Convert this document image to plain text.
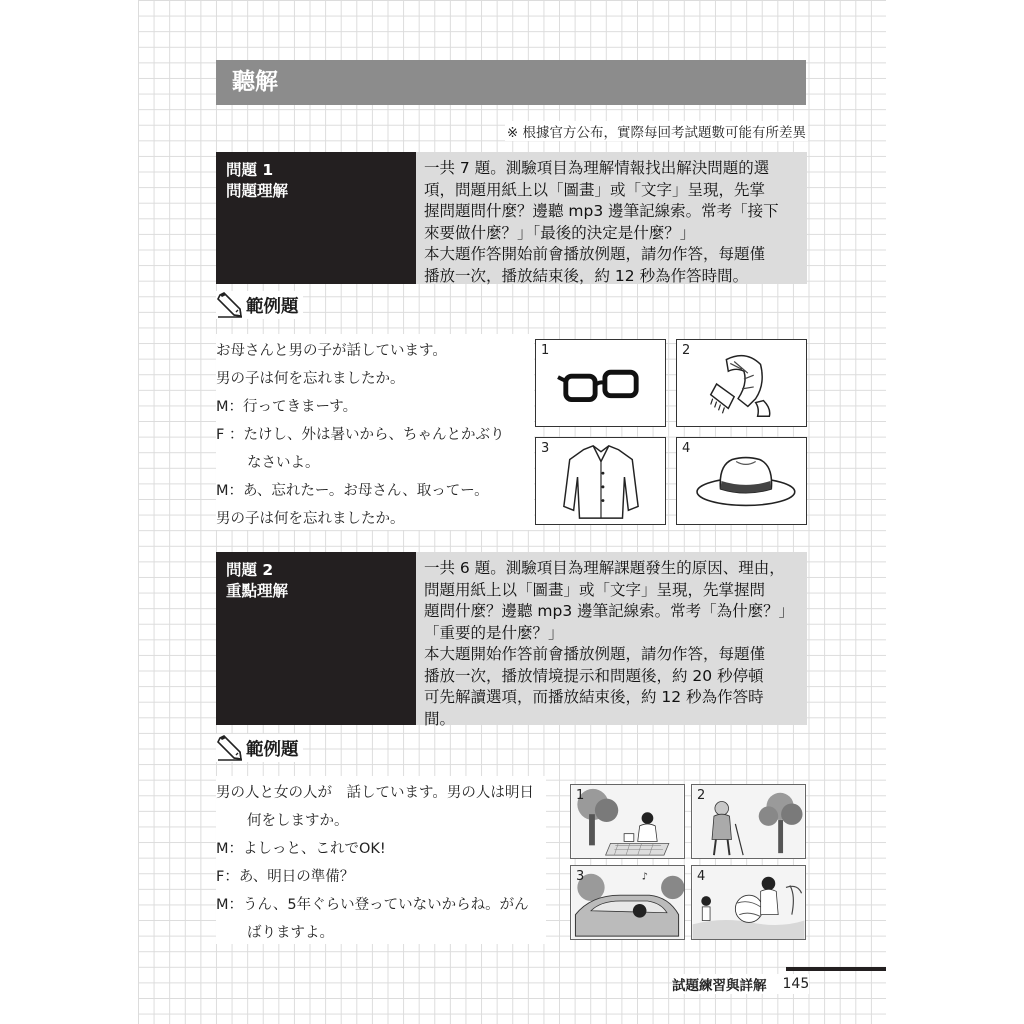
聽解
※ 根據官方公布，實際每回考試題數可能有所差異
問題 1
問題理解
一共 7 題。測驗項目為理解情報找出解決問題的選
項，問題用紙上以「圖畫」或「文字」呈現，先掌
握問題問什麼？邊聽 mp3 邊筆記線索。常考「接下
來要做什麼？」「最後的決定是什麼？」
本大題作答開始前會播放例題，請勿作答，每題僅
播放一次，播放結束後，約 12 秒為作答時間。
範例題
お母さんと男の子が話しています。
男の子は何を忘れましたか。
M：行ってきまーす。
F ：たけし、外は暑いから、ちゃんとかぶり
なさいよ。
M：あ、忘れたー。お母さん、取ってー。
男の子は何を忘れましたか。
1	2
3	4
問題 2
重點理解
一共 6 題。測驗項目為理解課題發生的原因、理由，
問題用紙上以「圖畫」或「文字」呈現，先掌握問
題問什麼？邊聽 mp3 邊筆記線索。常考「為什麼？」
「重要的是什麼？」
本大題開始作答前會播放例題，請勿作答，每題僅
播放一次，播放情境提示和問題後，約 20 秒停頓
可先解讀選項，而播放結束後，約 12 秒為作答時
間。
範例題
男の人と女の人が　話しています。男の人は明日
何をしますか。
M：よしっと、これでOK!
F：あ、明日の準備？
M：うん、5年ぐらい登っていないからね。がん
ばりますよ。
1	2
♪
3	4
試題練習與詳解 145
